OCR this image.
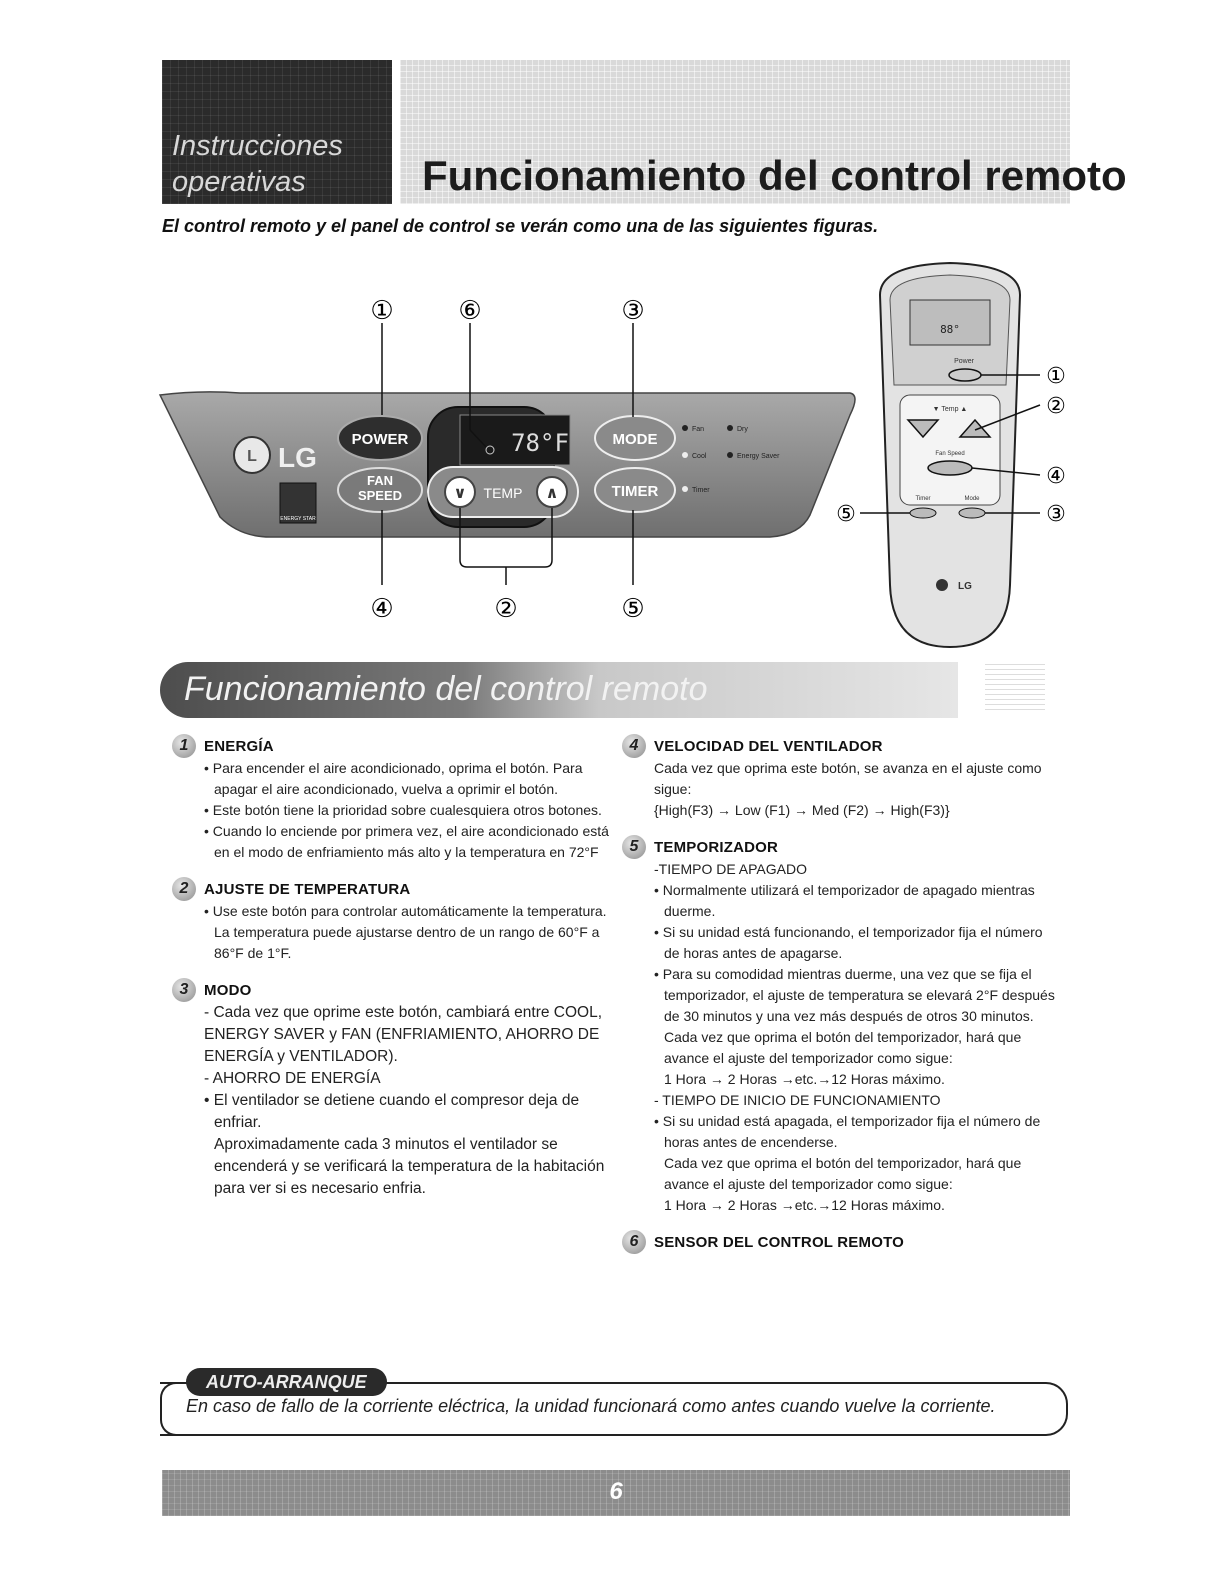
Instrucciones
operativas	Funcionamiento del control remoto
El control remoto y el panel de control se verán como una de las siguientes figuras.
L LG
ENERGY STAR
POWER
FAN
SPEED
78°F
∨ TEMP ∧
MODE
TIMER
Fan	Dry
Cool	Energy Saver
Timer
① ⑥	③
④	②	⑤
88°
Power
▼ Temp ▲
Fan Speed
Timer	Mode
LG
①
②
④
⑤	③
Funcionamiento del control remoto
1	ENERGÍA

• Para encender el aire acondicionado, oprima el botón. Para apagar el aire acondicionado, vuelva a oprimir el botón.

• Este botón tiene la prioridad sobre cualesquiera otros botones.

• Cuando lo enciende por primera vez, el aire acondicionado está en el modo de enfriamiento más alto y la temperatura en 72°F

2	AJUSTE DE TEMPERATURA

• Use este botón para controlar automáticamente la temperatura. La temperatura puede ajustarse dentro de un rango de 60°F a 86°F de 1°F.

3	MODO

- Cada vez que oprime este botón, cambiará entre COOL, ENERGY SAVER y FAN (ENFRIAMIENTO, AHORRO DE ENERGÍA y VENTILADOR).

- AHORRO DE ENERGÍA

• El ventilador se detiene cuando el compresor deja de enfriar.

Aproximadamente cada 3 minutos el ventilador se encenderá y se verificará la temperatura de la habitación para ver si es necesario enfria.

4	VELOCIDAD DEL VENTILADOR

Cada vez que oprima este botón, se avanza en el ajuste como sigue:

{High(F3) → Low (F1) → Med (F2) → High(F3)}

5	TEMPORIZADOR

-TIEMPO DE APAGADO

• Normalmente utilizará el temporizador de apagado mientras duerme.

• Si su unidad está funcionando, el temporizador fija el número de horas antes de apagarse.

• Para su comodidad mientras duerme, una vez que se fija el temporizador, el ajuste de temperatura se elevará 2°F después de 30 minutos y una vez más después de otros 30 minutos.

Cada vez que oprima el botón del temporizador, hará que avance el ajuste del temporizador como sigue:

1 Hora → 2 Horas →etc.→12 Horas máximo.

- TIEMPO DE INICIO DE FUNCIONAMIENTO

• Si su unidad está apagada, el temporizador fija el número de horas antes de encenderse.

Cada vez que oprima el botón del temporizador, hará que avance el ajuste del temporizador como sigue:

1 Hora → 2 Horas →etc.→12 Horas máximo.

6	SENSOR DEL CONTROL REMOTO
AUTO-ARRANQUE
En caso de fallo de la corriente eléctrica, la unidad funcionará como antes cuando vuelve la corriente.
6
